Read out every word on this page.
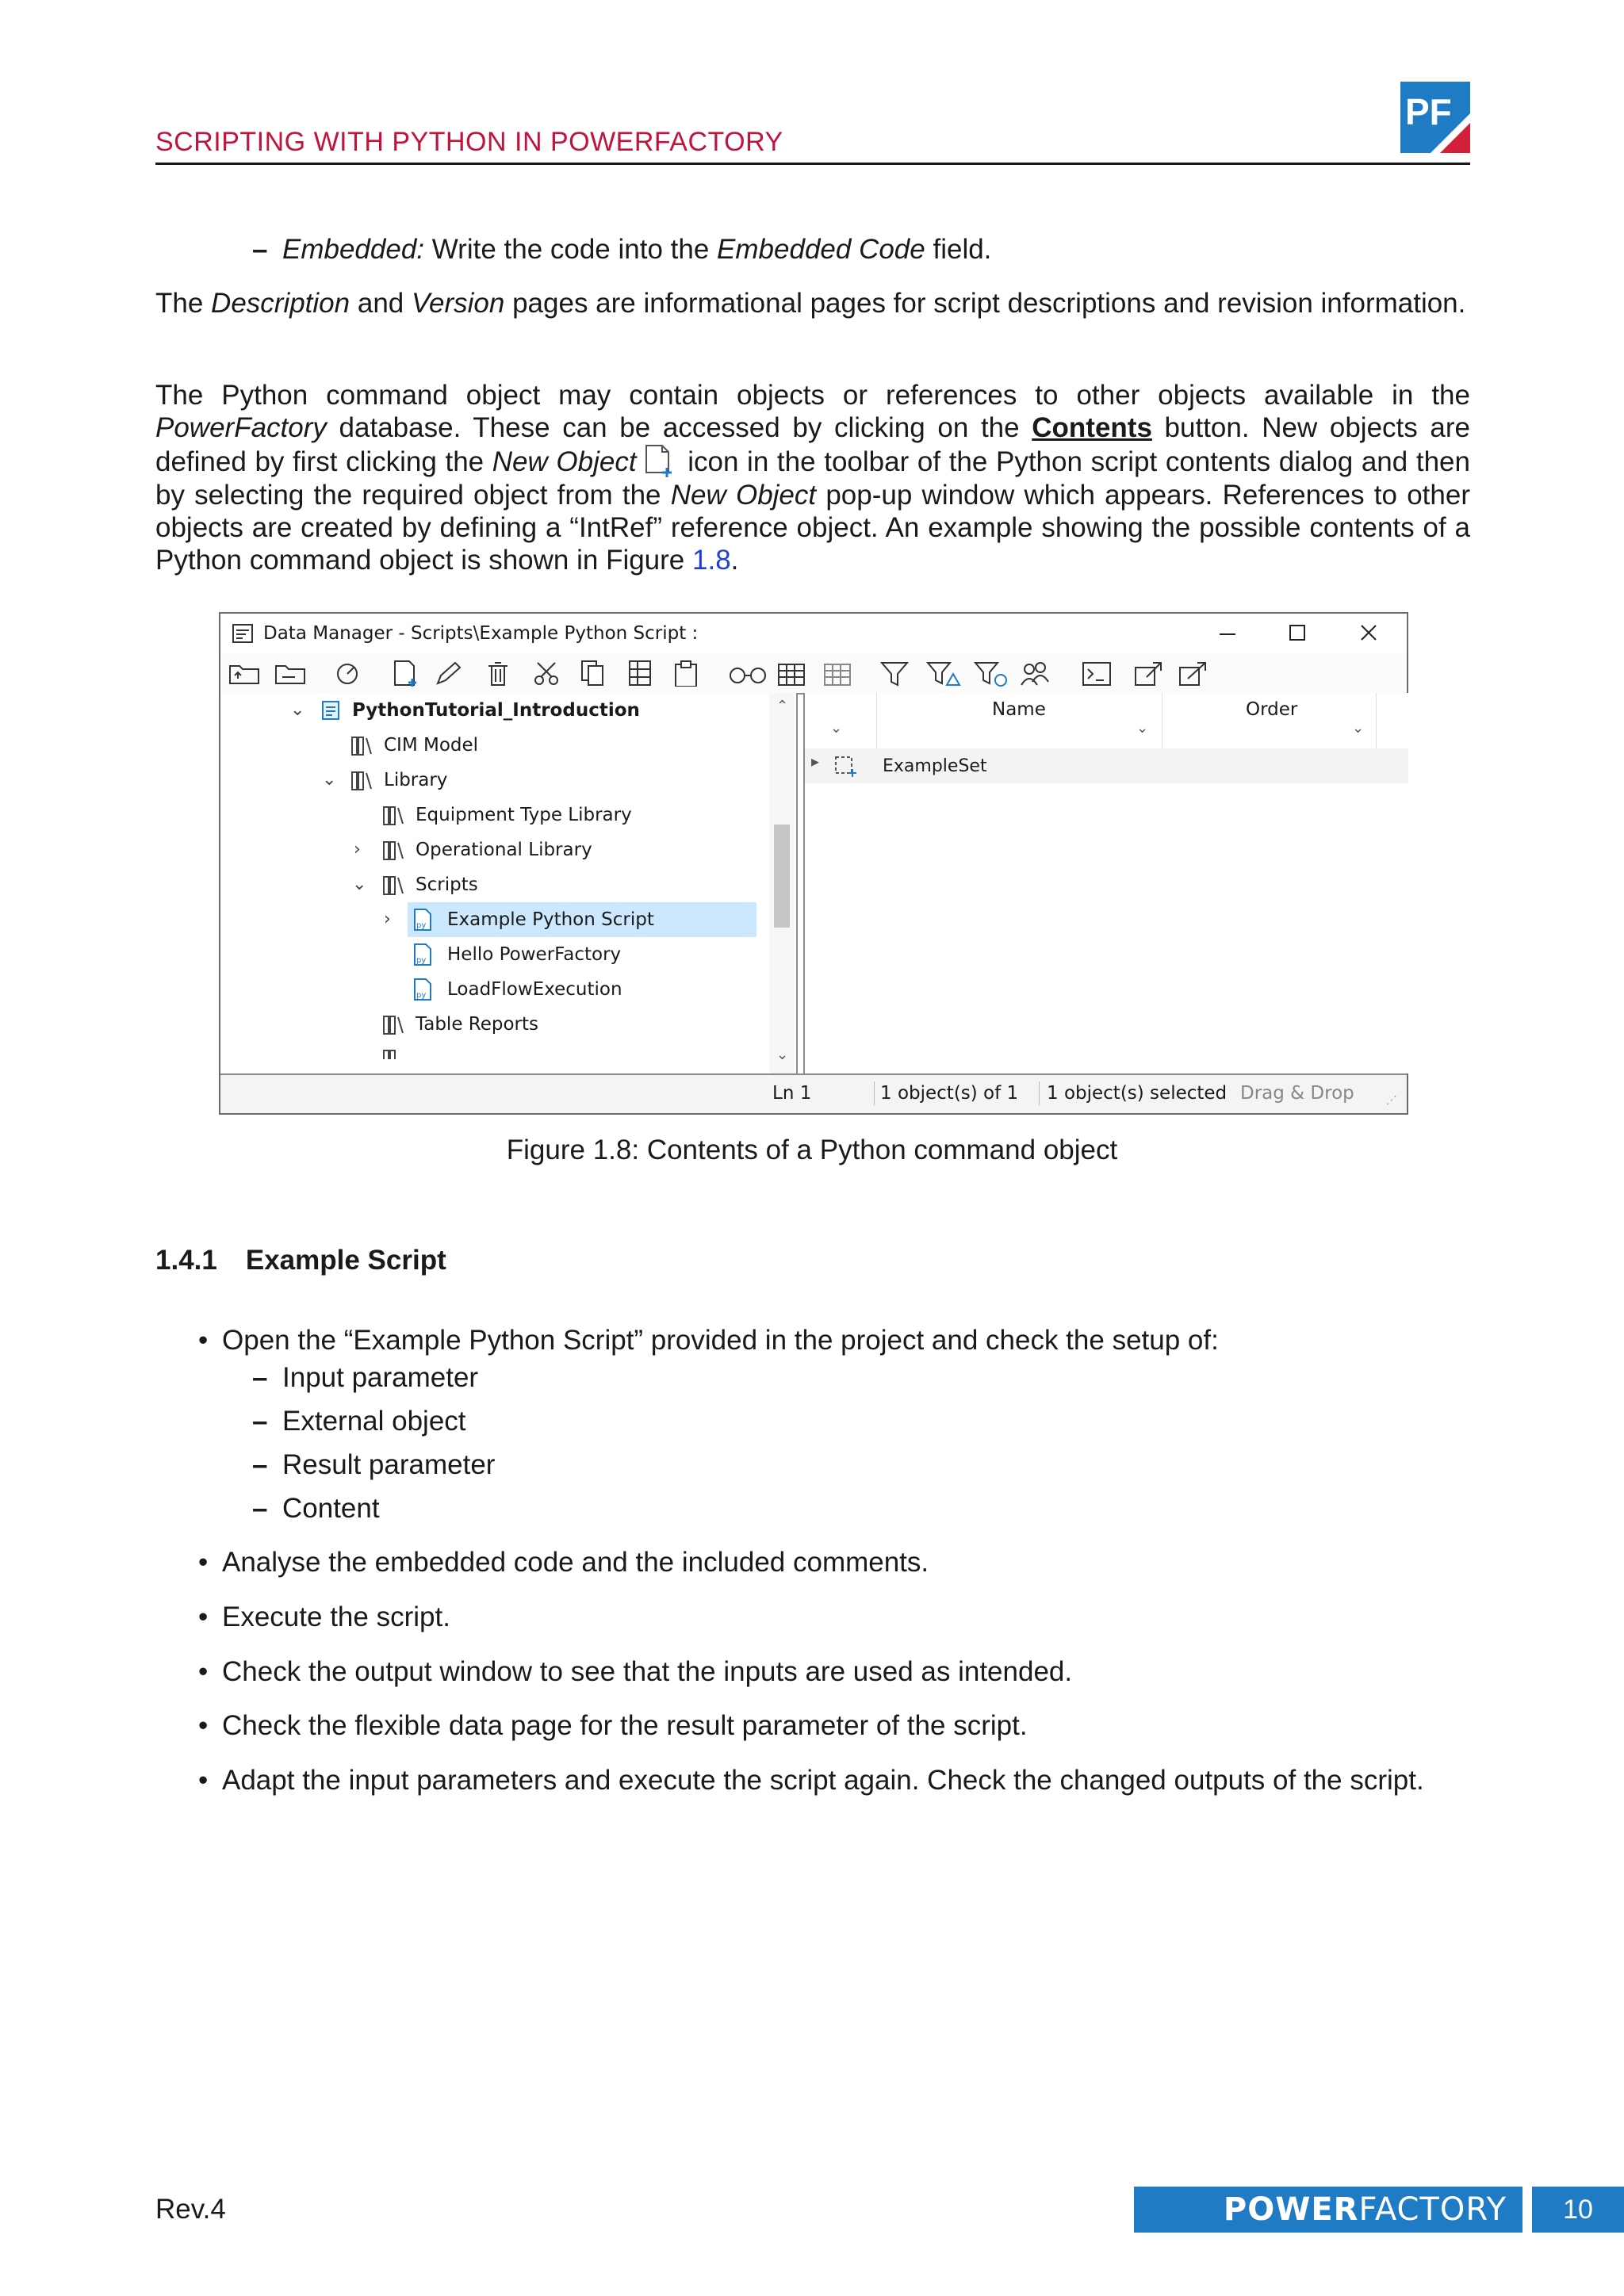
SCRIPTING WITH PYTHON IN POWERFACTORY
PF
– Embedded: Write the code into the Embedded Code field.
The Description and Version pages are informational pages for script descriptions and revision information.
The Python command object may contain objects or references to other objects available in the PowerFactory database. These can be accessed by clicking on the Contents button. New objects are defined by first clicking the New Object icon in the toolbar of the Python script contents dialog and then by selecting the required object from the New Object pop-up window which appears. References to other objects are created by defining a “IntRef” reference object. An example showing the possible contents of a Python command object is shown in Figure 1.8.
Data Manager - Scripts\Example Python Script :
⌄	PythonTutorial_Introduction
CIM Model
⌄	Library
Equipment Type Library
›	Operational Library
⌄	Scripts
›	py Example Python Script
py Hello PowerFactory
py LoadFlowExecution
Table Reports
⌃
⌄
⌄
Name
⌄
Order
⌄
▸	ExampleSet
Ln 1	1 object(s) of 1 1 object(s) selected Drag & Drop	⋰
Figure 1.8: Contents of a Python command object
1.4.1 Example Script
• Open the “Example Python Script” provided in the project and check the setup of:
– Input parameter
– External object
– Result parameter
– Content
• Analyse the embedded code and the included comments.
• Execute the script.
• Check the output window to see that the inputs are used as intended.
• Check the flexible data page for the result parameter of the script.
• Adapt the input parameters and execute the script again. Check the changed outputs of the script.
Rev.4	POWERFACTORY	10
